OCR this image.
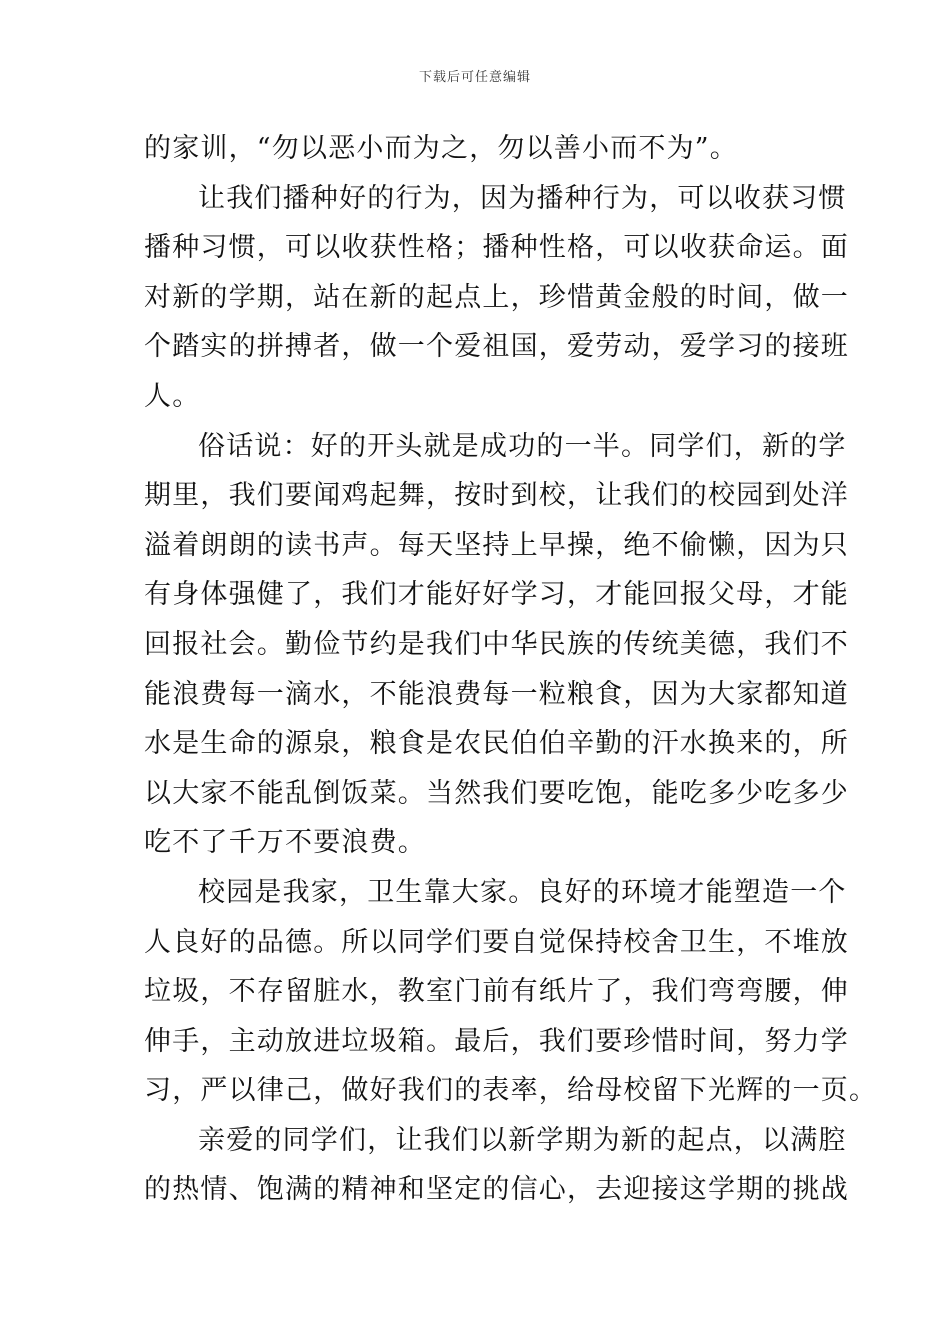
下载后可任意编辑
的家训，“勿以恶小而为之，勿以善小而不为”。
让我们播种好的行为，因为播种行为，可以收获习惯
播种习惯，可以收获性格；播种性格，可以收获命运。面
对新的学期，站在新的起点上，珍惜黄金般的时间，做一
个踏实的拼搏者，做一个爱祖国，爱劳动，爱学习的接班
人。
俗话说：好的开头就是成功的一半。同学们，新的学
期里，我们要闻鸡起舞，按时到校，让我们的校园到处洋
溢着朗朗的读书声。每天坚持上早操，绝不偷懒，因为只
有身体强健了，我们才能好好学习，才能回报父母，才能
回报社会。勤俭节约是我们中华民族的传统美德，我们不
能浪费每一滴水，不能浪费每一粒粮食，因为大家都知道
水是生命的源泉，粮食是农民伯伯辛勤的汗水换来的，所
以大家不能乱倒饭菜。当然我们要吃饱，能吃多少吃多少
吃不了千万不要浪费。
校园是我家，卫生靠大家。良好的环境才能塑造一个
人良好的品德。所以同学们要自觉保持校舍卫生，不堆放
垃圾，不存留脏水，教室门前有纸片了，我们弯弯腰，伸
伸手，主动放进垃圾箱。最后，我们要珍惜时间，努力学
习，严以律己，做好我们的表率，给母校留下光辉的一页。
亲爱的同学们，让我们以新学期为新的起点，以满腔
的热情、饱满的精神和坚定的信心，去迎接这学期的挑战
